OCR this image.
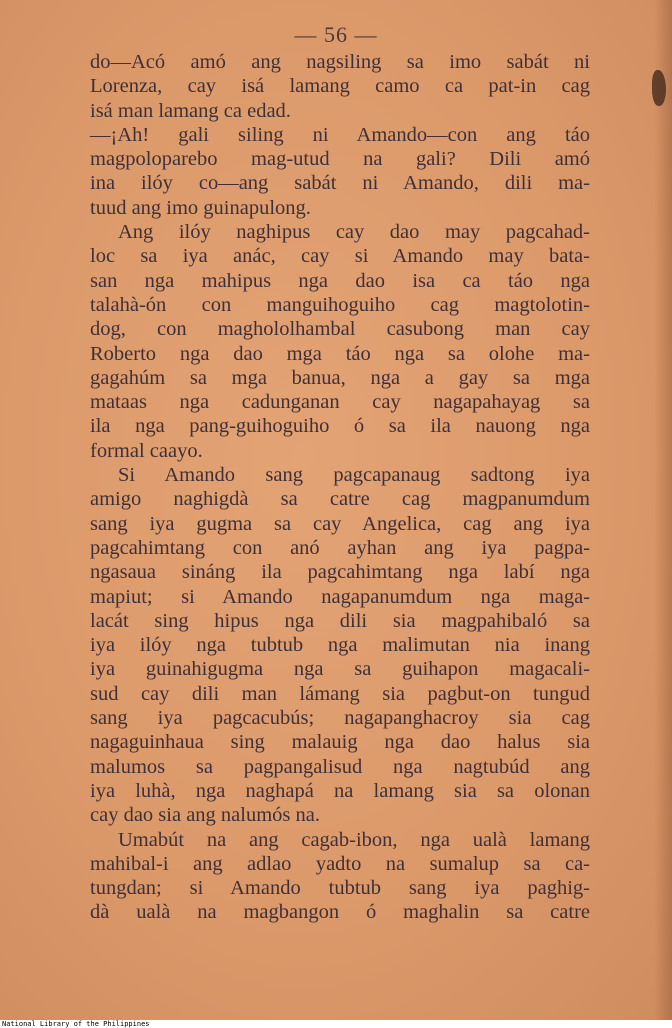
— 56 —
do—Acó amó ang nagsiling sa imo sabát ni
Lorenza, cay isá lamang camo ca pat-in cag
isá man lamang ca edad.
—¡Ah! gali siling ni Amando—con ang táo
magpoloparebo mag-utud na gali? Dili amó
ina ilóy co—ang sabát ni Amando, dili ma-
tuud ang imo guinapulong.
Ang ilóy naghipus cay dao may pagcahad-
loc sa iya anác, cay si Amando may bata-
san nga mahipus nga dao isa ca táo nga
talahà-ón con manguihoguiho cag magtolotin-
dog, con maghololhambal casubong man cay
Roberto nga dao mga táo nga sa olohe ma-
gagahúm sa mga banua, nga a gay sa mga
mataas nga cadunganan cay nagapahayag sa
ila nga pang-guihoguiho ó sa ila nauong nga
formal caayo.
Si Amando sang pagcapanaug sadtong iya
amigo naghigdà sa catre cag magpanumdum
sang iya gugma sa cay Angelica, cag ang iya
pagcahimtang con anó ayhan ang iya pagpa-
ngasaua sináng ila pagcahimtang nga labí nga
mapiut; si Amando nagapanumdum nga maga-
lacát sing hipus nga dili sia magpahibaló sa
iya ilóy nga tubtub nga malimutan nia inang
iya guinahigugma nga sa guihapon magacali-
sud cay dili man lámang sia pagbut-on tungud
sang iya pagcacubús; nagapanghacroy sia cag
nagaguinhaua sing malauig nga dao halus sia
malumos sa pagpangalisud nga nagtubúd ang
iya luhà, nga naghapá na lamang sia sa olonan
cay dao sia ang nalumós na.
Umabút na ang cagab-ibon, nga ualà lamang
mahibal-i ang adlao yadto na sumalup sa ca-
tungdan; si Amando tubtub sang iya paghig-
dà ualà na magbangon ó maghalin sa catre
National Library of the Philippines
